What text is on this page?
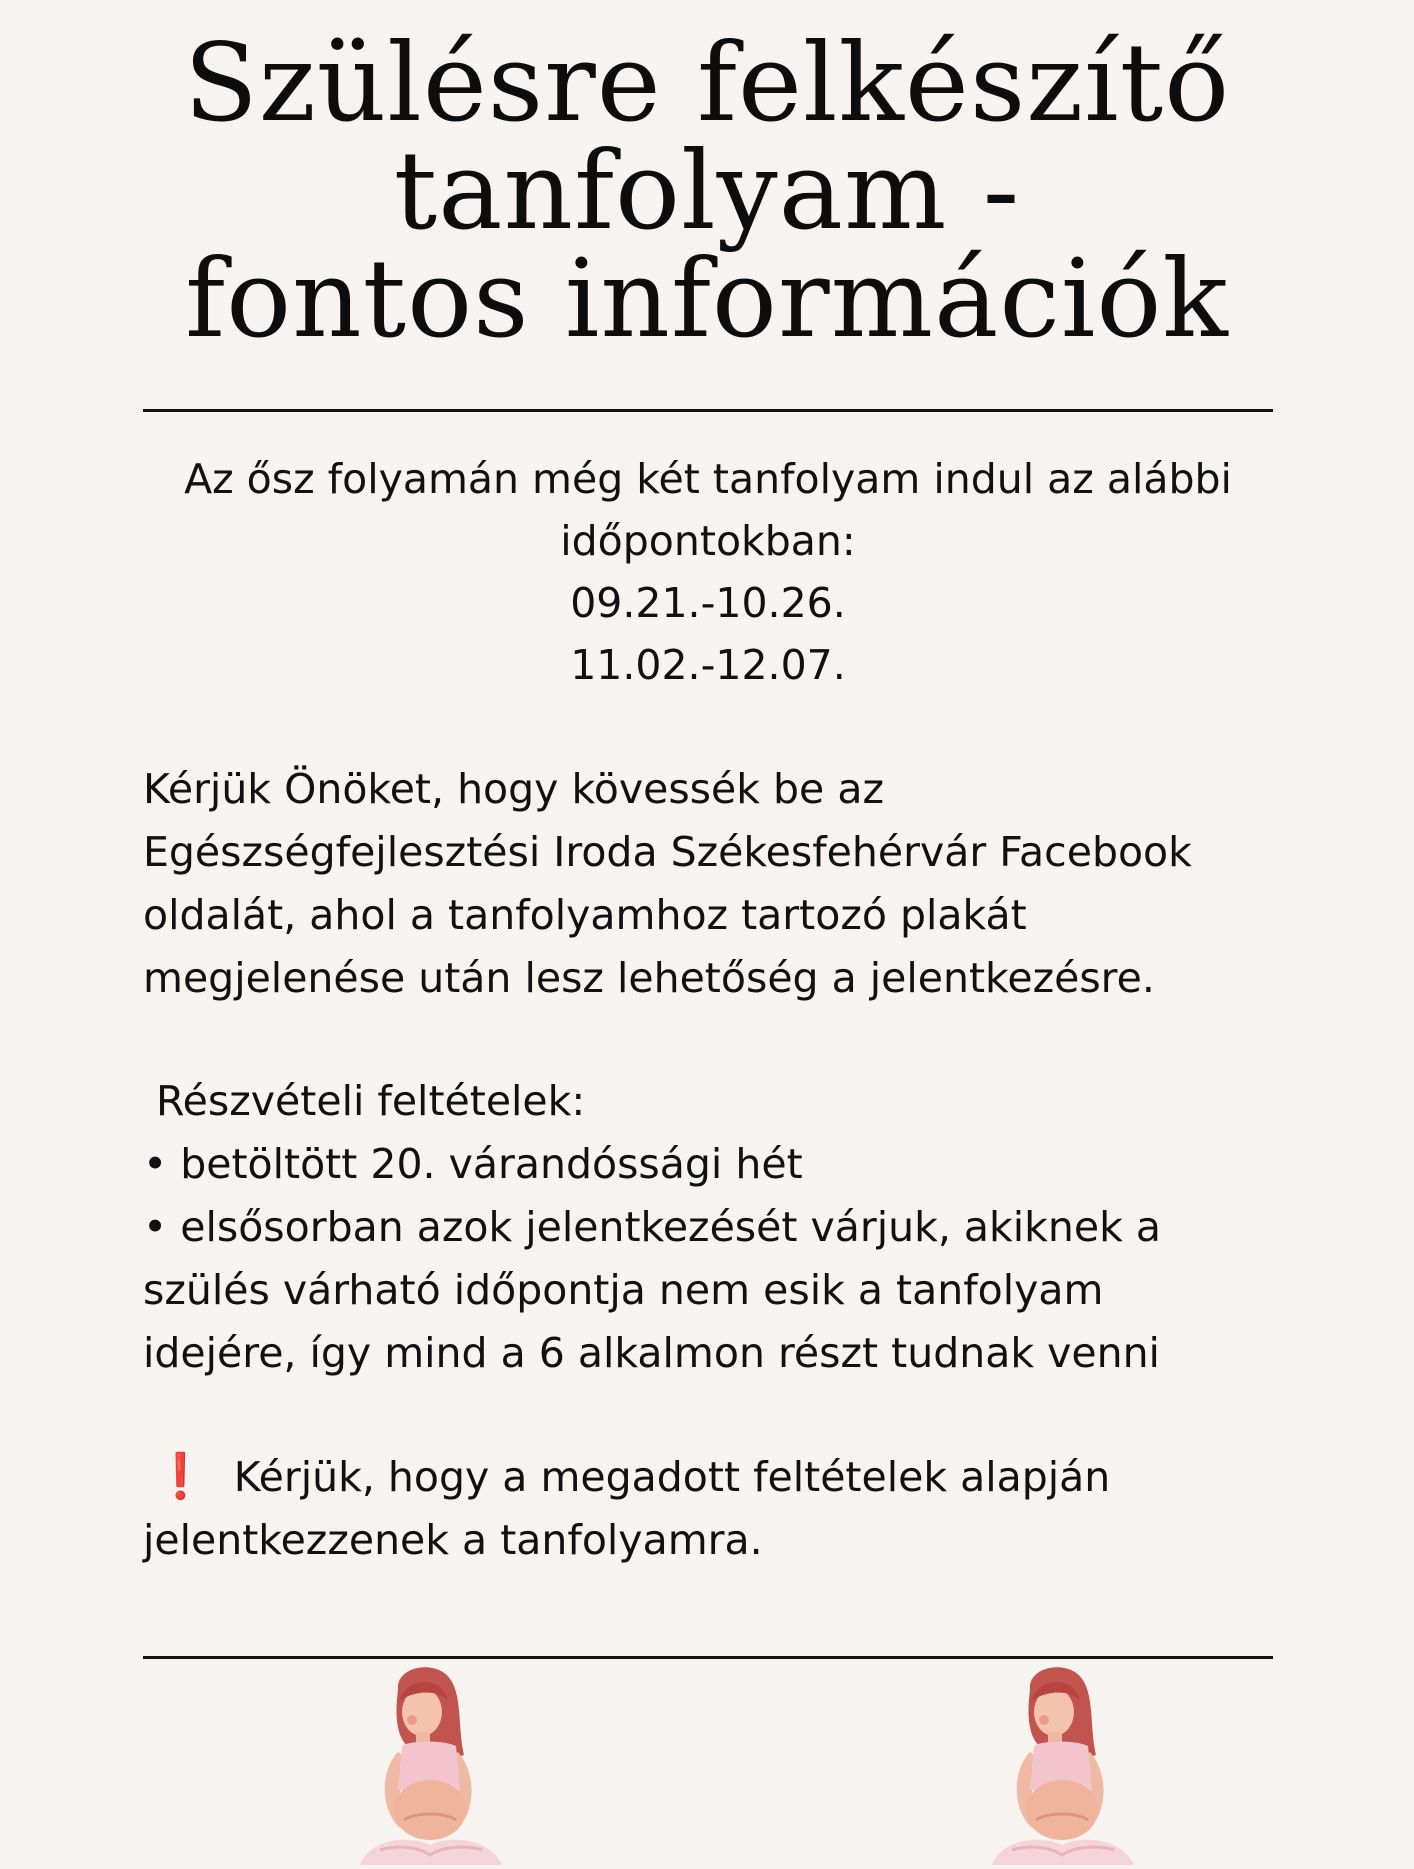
Szülésre felkészítő
tanfolyam -
fontos információk
Az ősz folyamán még két tanfolyam indul az alábbi
időpontokban:
09.21.-10.26.
11.02.-12.07.
Kérjük Önöket, hogy kövessék be az
Egészségfejlesztési Iroda Székesfehérvár Facebook
oldalát, ahol a tanfolyamhoz tartozó plakát
megjelenése után lesz lehetőség a jelentkezésre.
Részvételi feltételek:
• betöltött 20. várandóssági hét
• elsősorban azok jelentkezését várjuk, akiknek a
szülés várható időpontja nem esik a tanfolyam
idejére, így mind a 6 alkalmon részt tudnak venni
❗ Kérjük, hogy a megadott feltételek alapján
jelentkezzenek a tanfolyamra.
